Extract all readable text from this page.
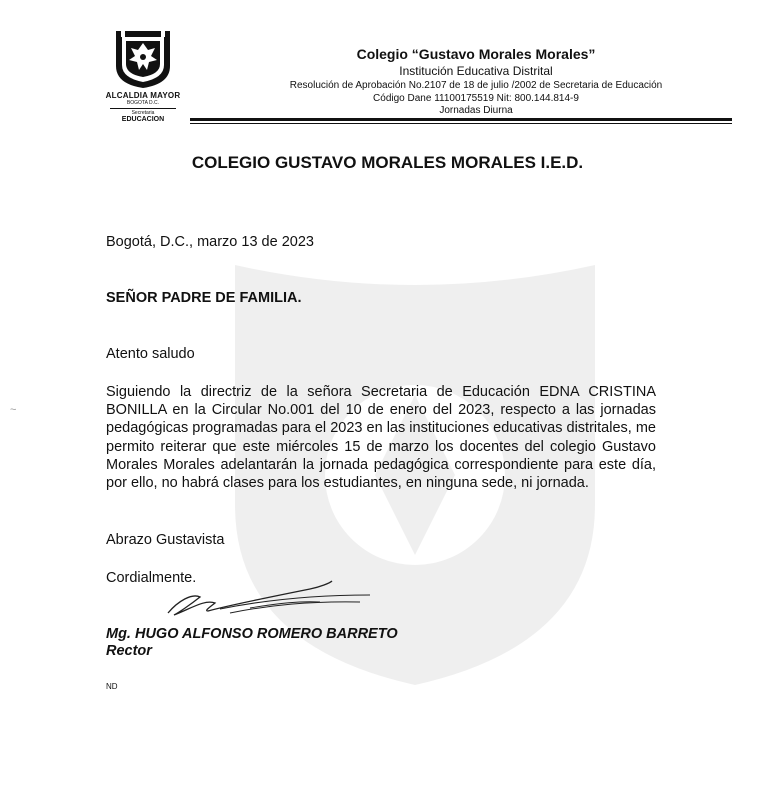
ALCALDIA MAYOR
BOGOTA D.C.
Secretaria
EDUCACION
Colegio “Gustavo Morales Morales”
Institución Educativa Distrital
Resolución de Aprobación No.2107 de 18 de julio /2002 de Secretaria de Educación
Código Dane 11100175519 Nit: 800.144.814-9
Jornadas Diurna
COLEGIO GUSTAVO MORALES MORALES I.E.D.
Bogotá, D.C., marzo 13 de 2023
SEÑOR PADRE DE FAMILIA.
Atento saludo

Siguiendo la directriz de la señora Secretaria de Educación EDNA CRISTINA BONILLA en la Circular No.001 del 10 de enero del 2023, respecto a las jornadas pedagógicas programadas para el 2023 en las instituciones educativas distritales, me permito reiterar que este miércoles 15 de marzo los docentes del colegio Gustavo Morales Morales adelantarán la jornada pedagógica correspondiente para este día, por ello, no habrá clases para los estudiantes, en ninguna sede, ni jornada.

Abrazo Gustavista
Cordialmente.
Mg. HUGO ALFONSO ROMERO BARRETO
Rector
ND
~
